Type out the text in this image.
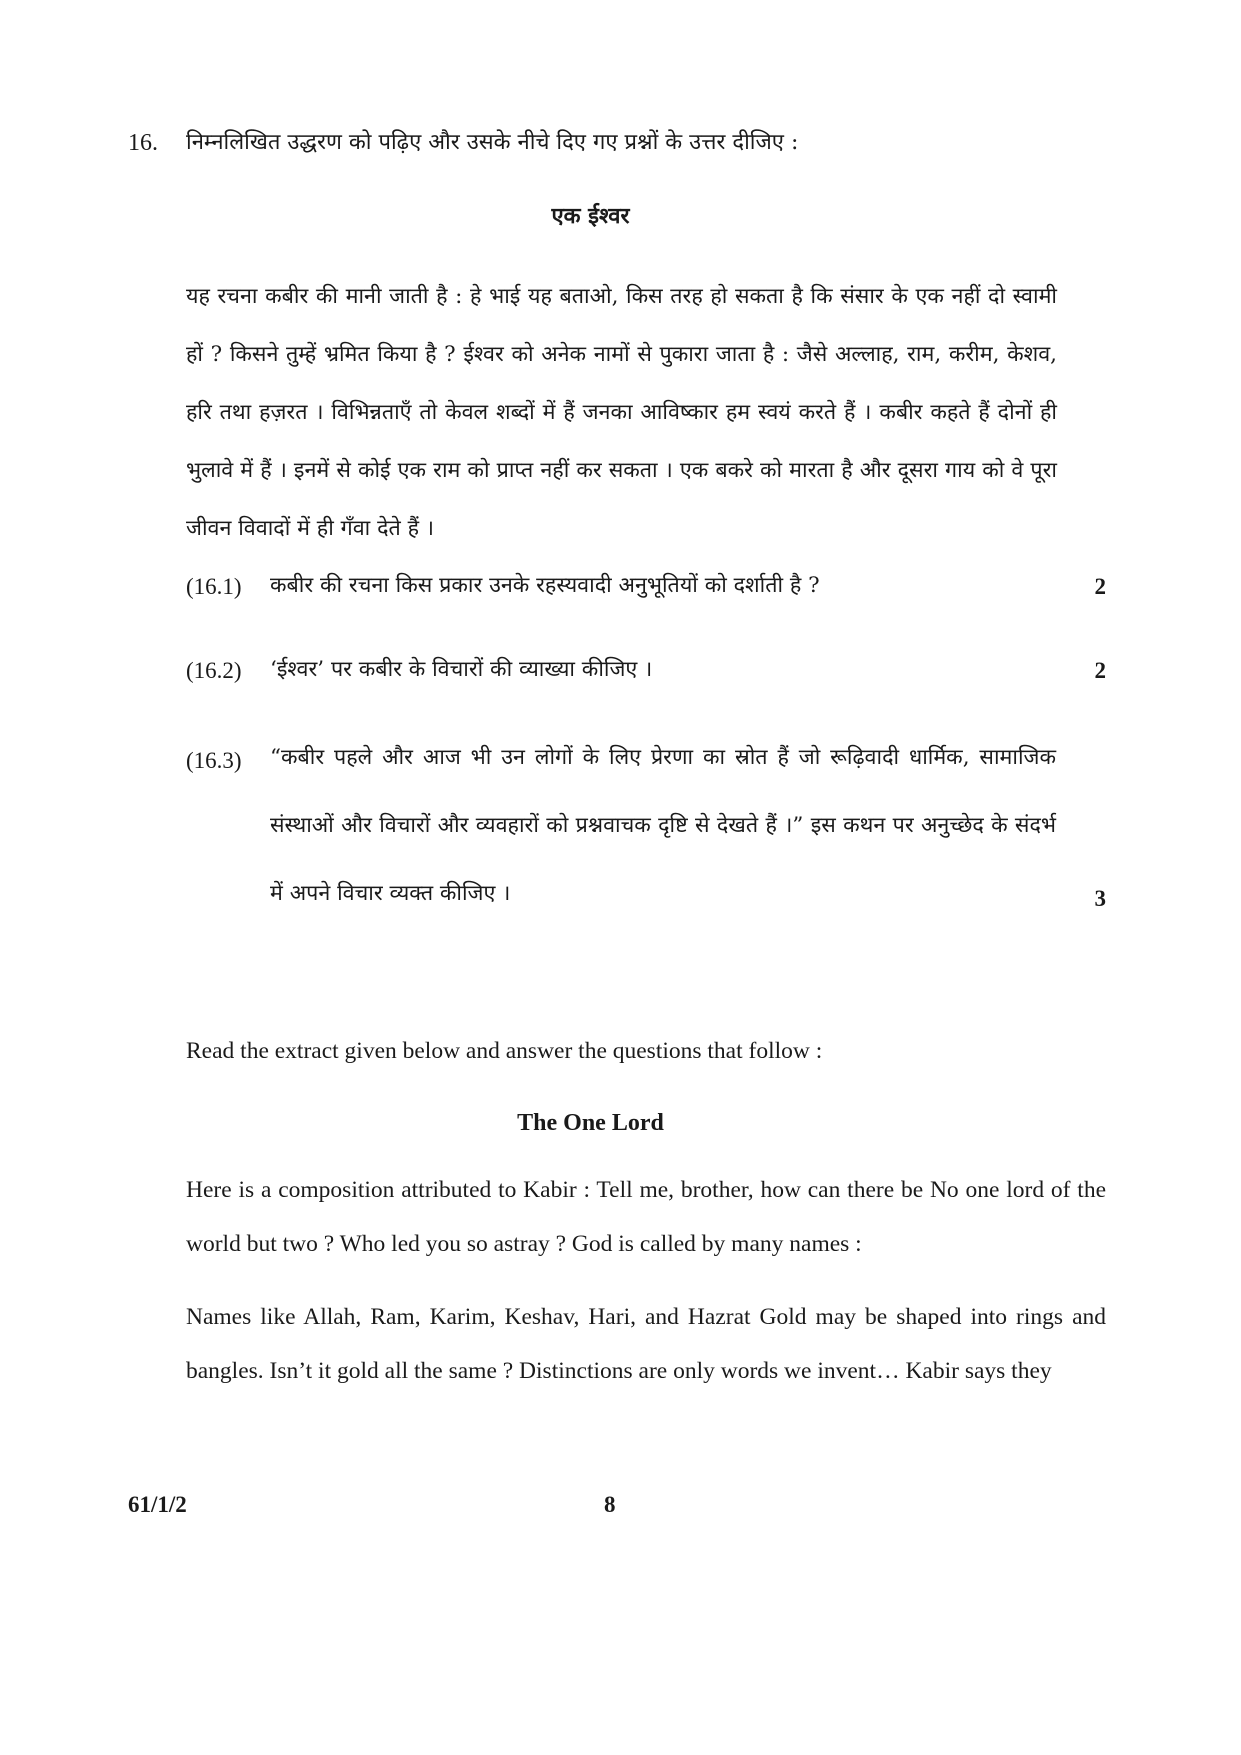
16. निम्नलिखित उद्धरण को पढ़िए और उसके नीचे दिए गए प्रश्नों के उत्तर दीजिए :
एक ईश्वर

यह रचना कबीर की मानी जाती है : हे भाई यह बताओ, किस तरह हो सकता है कि संसार के एक नहीं दो स्वामी हों ? किसने तुम्हें भ्रमित किया है ? ईश्वर को अनेक नामों से पुकारा जाता है : जैसे अल्लाह, राम, करीम, केशव, हरि तथा हज़रत । विभिन्नताएँ तो केवल शब्दों में हैं जनका आविष्कार हम स्वयं करते हैं । कबीर कहते हैं दोनों ही भुलावे में हैं । इनमें से कोई एक राम को प्राप्त नहीं कर सकता । एक बकरे को मारता है और दूसरा गाय को वे पूरा जीवन विवादों में ही गँवा देते हैं ।

(16.1) कबीर की रचना किस प्रकार उनके रहस्यवादी अनुभूतियों को दर्शाती है ?	2
(16.2) ‘ईश्वर’ पर कबीर के विचारों की व्याख्या कीजिए ।	2
(16.3) “कबीर पहले और आज भी उन लोगों के लिए प्रेरणा का स्रोत हैं जो रूढ़िवादी धार्मिक, सामाजिक संस्थाओं और विचारों और व्यवहारों को प्रश्नवाचक दृष्टि से देखते हैं ।” इस कथन पर अनुच्छेद के संदर्भ में अपने विचार व्यक्त कीजिए ।	3
Read the extract given below and answer the questions that follow :
The One Lord

Here is a composition attributed to Kabir : Tell me, brother, how can there be No one lord of the world but two ? Who led you so astray ? God is called by many names :

Names like Allah, Ram, Karim, Keshav, Hari, and Hazrat Gold may be shaped into rings and bangles. Isn’t it gold all the same ? Distinctions are only words we invent… Kabir says they

61/1/2	8
